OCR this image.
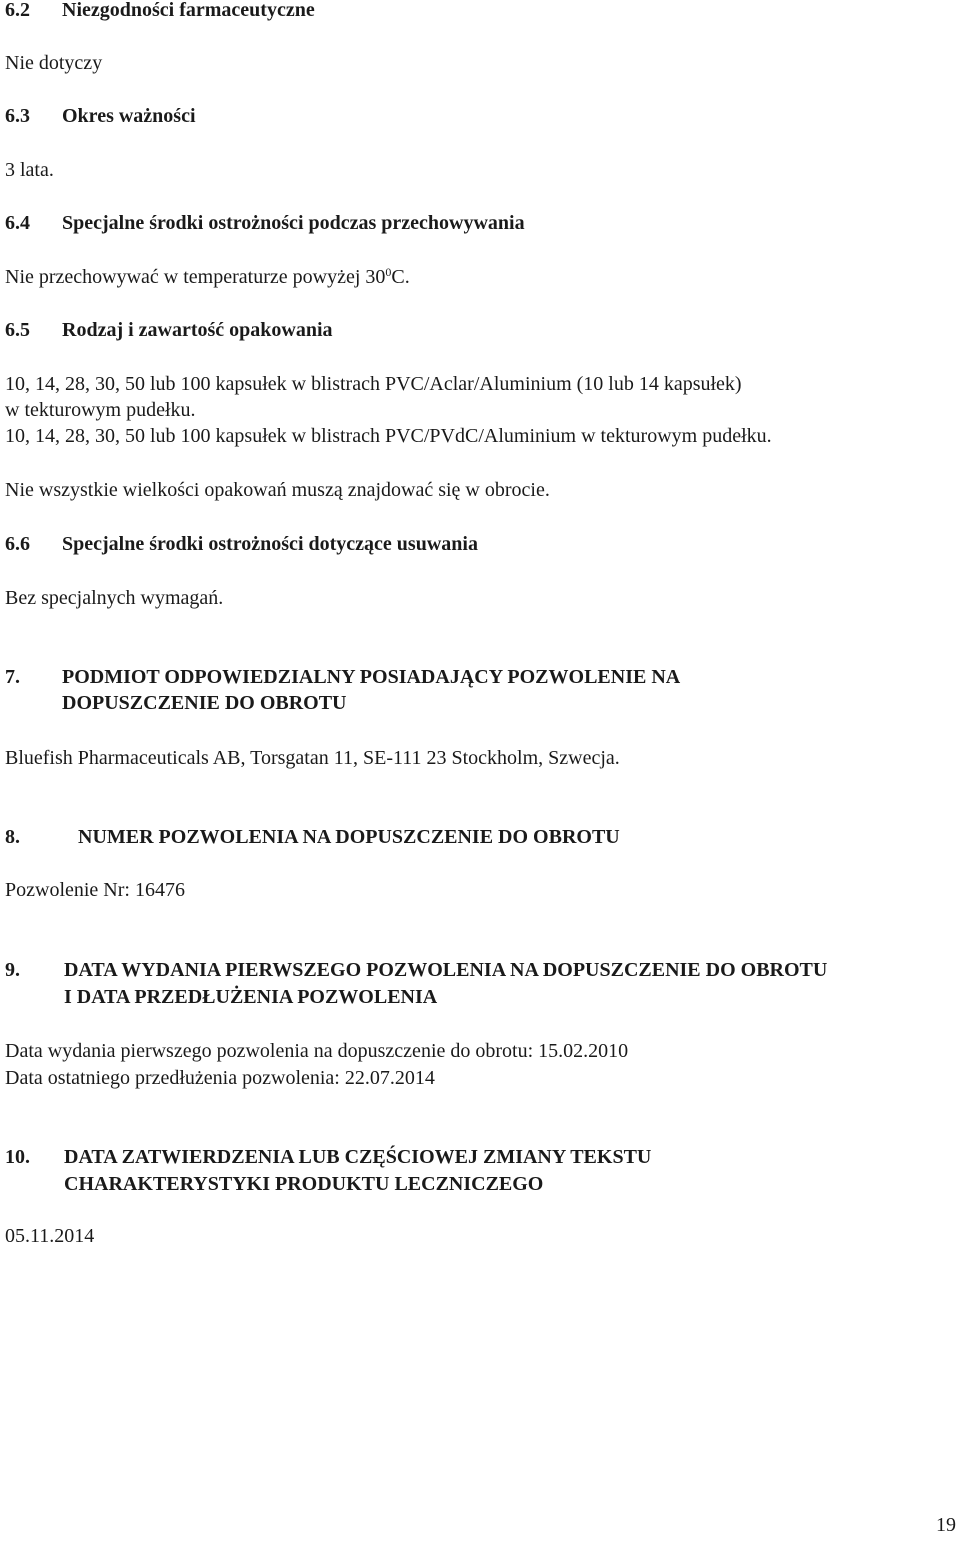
6.2 Niezgodności farmaceutyczne
Nie dotyczy
6.3 Okres ważności
3 lata.
6.4 Specjalne środki ostrożności podczas przechowywania
Nie przechowywać w temperaturze powyżej $30^0C$.
6.5 Rodzaj i zawartość opakowania
10, 14, 28, 30, 50 lub 100 kapsułek w blistrach PVC/Aclar/Aluminium (10 lub 14 kapsułek)
w tekturowym pudełku.
10, 14, 28, 30, 50 lub 100 kapsułek w blistrach PVC/PVdC/Aluminium w tekturowym pudełku.
Nie wszystkie wielkości opakowań muszą znajdować się w obrocie.
6.6 Specjalne środki ostrożności dotyczące usuwania
Bez specjalnych wymagań.
7. PODMIOT ODPOWIEDZIALNY POSIADAJĄCY POZWOLENIE NA
DOPUSZCZENIE DO OBROTU
Bluefish Pharmaceuticals AB, Torsgatan 11, SE-111 23 Stockholm, Szwecja.
8.	NUMER POZWOLENIA NA DOPUSZCZENIE DO OBROTU
Pozwolenie Nr: 16476
9. DATA WYDANIA PIERWSZEGO POZWOLENIA NA DOPUSZCZENIE DO OBROTU
I DATA PRZEDŁUŻENIA POZWOLENIA
Data wydania pierwszego pozwolenia na dopuszczenie do obrotu: 15.02.2010
Data ostatniego przedłużenia pozwolenia: 22.07.2014
10. DATA ZATWIERDZENIA LUB CZĘŚCIOWEJ ZMIANY TEKSTU
CHARAKTERYSTYKI PRODUKTU LECZNICZEGO
05.11.2014
19
